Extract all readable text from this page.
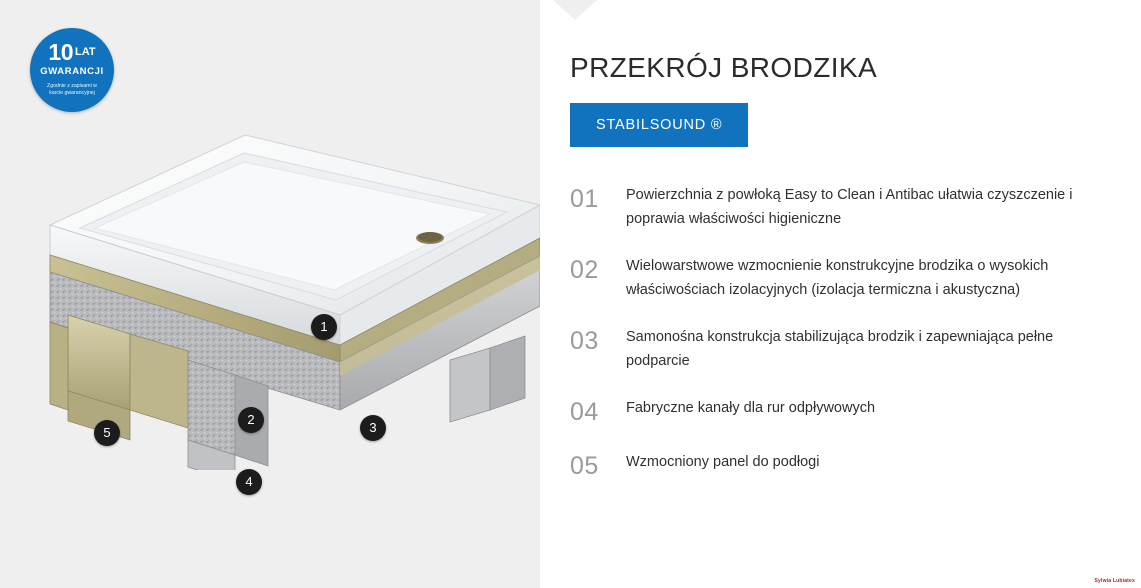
10 LAT
GWARANCJI
Zgodnie z zapisami w karcie gwarancyjnej
1
2
3
4
5
PRZEKRÓJ BRODZIKA
STABILSOUND ®
01	Powierzchnia z powłoką Easy to Clean i Antibac ułatwia czyszczenie i poprawia właściwości higieniczne
02	Wielowarstwowe wzmocnienie konstrukcyjne brodzika o wysokich właściwościach izolacyjnych (izolacja termiczna i akustyczna)
03	Samonośna konstrukcja stabilizująca brodzik i zapewniająca pełne podparcie
04	Fabryczne kanały dla rur odpływowych
05	Wzmocniony panel do podłogi
Sylwia Lubiatex
